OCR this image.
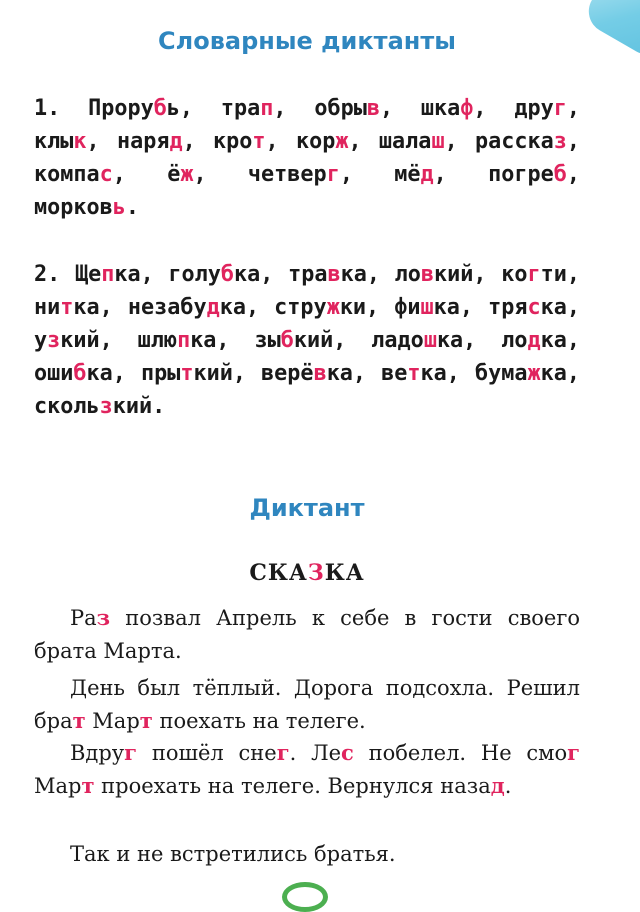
Словарные диктанты

1. Прорубь, трап, обрыв, шкаф, друг, клык, наряд, крот, корж, шалаш, рассказ, компас, ёж, четверг, мёд, погреб, морковь.

2. Щепка, голубка, травка, ловкий, когти, нитка, незабудка, стружки, фишка, тряска, узкий, шлюпка, зыбкий, ладошка, лодка, ошибка, прыткий, верёвка, ветка, бумажка, скользкий.

Диктант
СКАЗКА

Раз позвал Апрель к себе в гости своего брата Марта.

День был тёплый. Дорога подсохла. Решил брат Март поехать на телеге.

Вдруг пошёл снег. Лес побелел. Не смог Март проехать на телеге. Вернулся назад.

Так и не встретились братья.
